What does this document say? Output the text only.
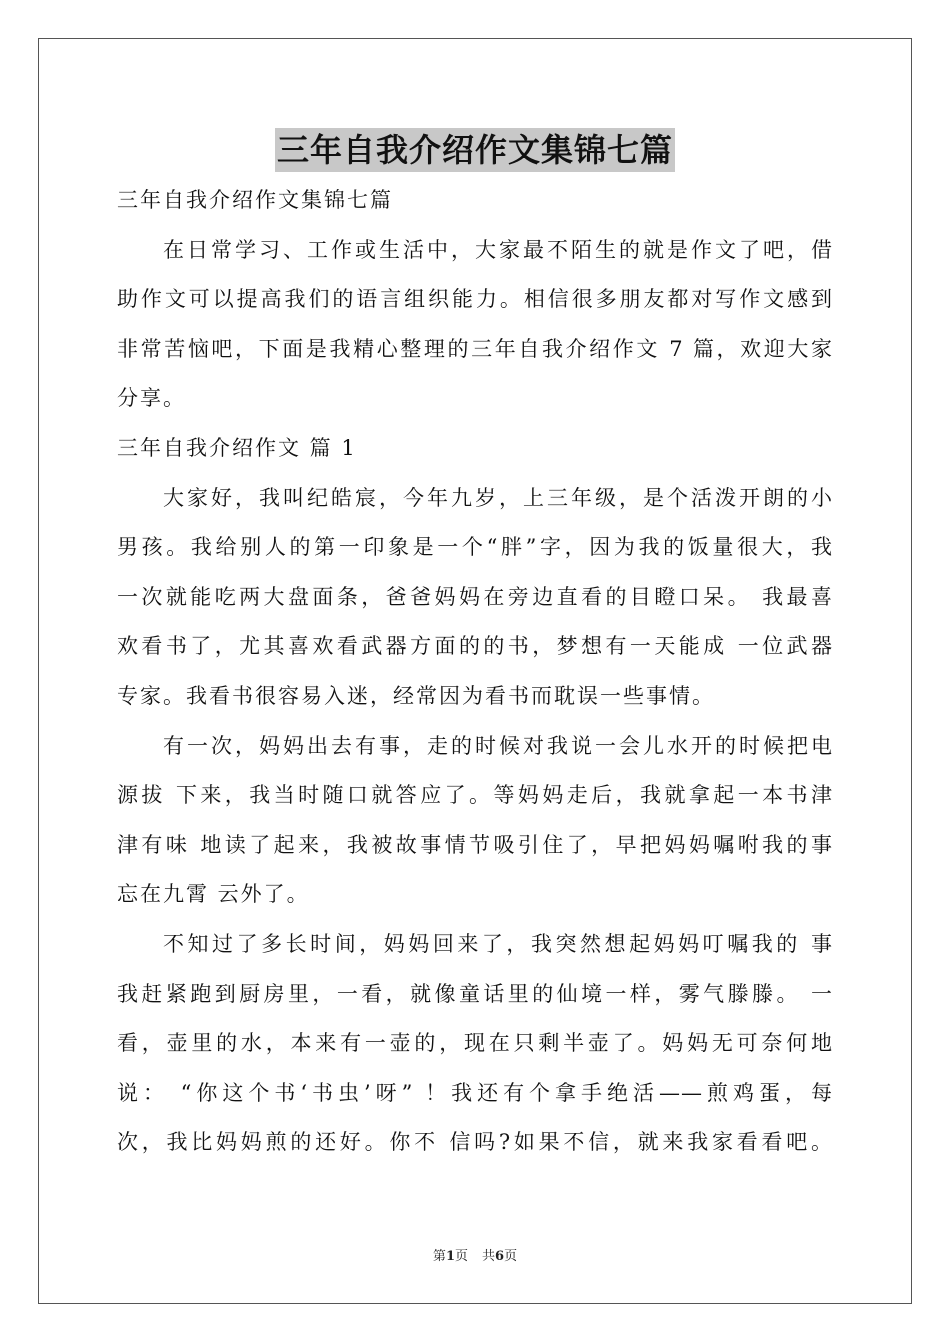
三年自我介绍作文集锦七篇
三年自我介绍作文集锦七篇
在日常学习、工作或生活中，大家最不陌生的就是作文了吧，借
助作文可以提高我们的语言组织能力。相信很多朋友都对写作文感到
非常苦恼吧，下面是我精心整理的三年自我介绍作文 7 篇，欢迎大家
分享。
三年自我介绍作文 篇 1
大家好，我叫纪皓宸，今年九岁，上三年级，是个活泼开朗的小
男孩。我给别人的第一印象是一个“胖”字，因为我的饭量很大，我
一次就能吃两大盘面条，爸爸妈妈在旁边直看的目瞪口呆。 我最喜
欢看书了，尤其喜欢看武器方面的的书，梦想有一天能成 一位武器
专家。我看书很容易入迷，经常因为看书而耽误一些事情。
有一次，妈妈出去有事，走的时候对我说一会儿水开的时候把电
源拔 下来，我当时随口就答应了。等妈妈走后，我就拿起一本书津
津有味 地读了起来，我被故事情节吸引住了，早把妈妈嘱咐我的事
忘在九霄 云外了。
不知过了多长时间，妈妈回来了，我突然想起妈妈叮嘱我的 事
我赶紧跑到厨房里，一看，就像童话里的仙境一样，雾气滕滕。 一
看，壶里的水，本来有一壶的，现在只剩半壶了。妈妈无可奈何地
说： “你这个书‘书虫’呀” ！我还有个拿手绝活——煎鸡蛋，每
次，我比妈妈煎的还好。你不 信吗?如果不信，就来我家看看吧。
第1页 共6页
